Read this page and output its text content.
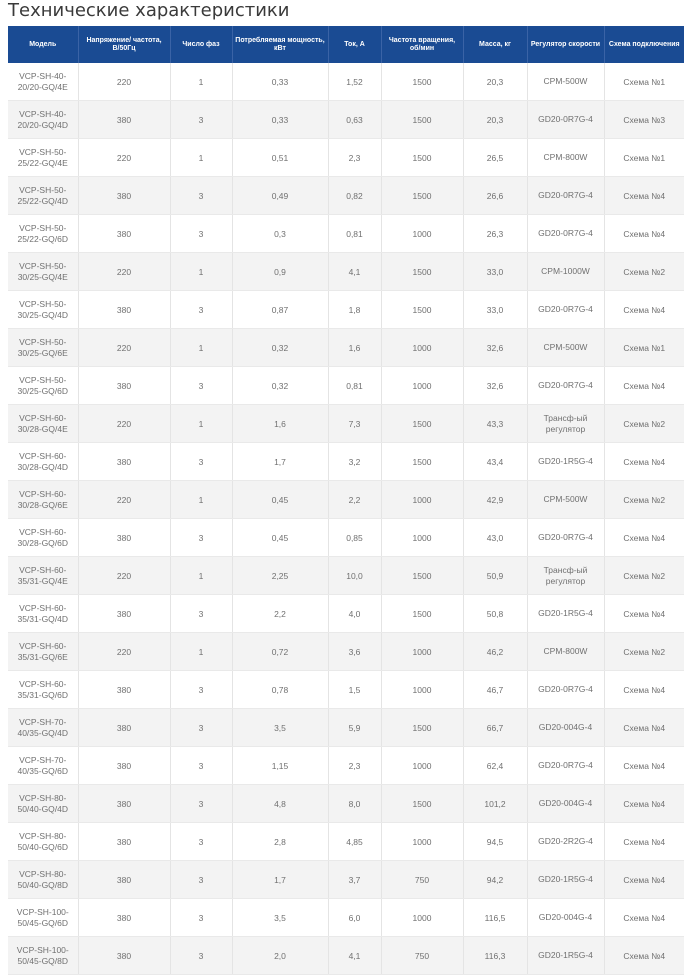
Технические характеристики
Модель	Напряжение/ частота, В/50Гц	Число фаз	Потребляемая мощность, кВт	Ток, А	Частота вращения, об/мин	Масса, кг	Регулятор скорости	Схема подключения
VCP-SH-40-20/20-GQ/4E	220	1	0,33	1,52	1500	20,3	CPM-500W	Схема №1
VCP-SH-40-20/20-GQ/4D	380	3	0,33	0,63	1500	20,3	GD20-0R7G-4	Схема №3
VCP-SH-50-25/22-GQ/4E	220	1	0,51	2,3	1500	26,5	CPM-800W	Схема №1
VCP-SH-50-25/22-GQ/4D	380	3	0,49	0,82	1500	26,6	GD20-0R7G-4	Схема №4
VCP-SH-50-25/22-GQ/6D	380	3	0,3	0,81	1000	26,3	GD20-0R7G-4	Схема №4
VCP-SH-50-30/25-GQ/4E	220	1	0,9	4,1	1500	33,0	CPM-1000W	Схема №2
VCP-SH-50-30/25-GQ/4D	380	3	0,87	1,8	1500	33,0	GD20-0R7G-4	Схема №4
VCP-SH-50-30/25-GQ/6E	220	1	0,32	1,6	1000	32,6	CPM-500W	Схема №1
VCP-SH-50-30/25-GQ/6D	380	3	0,32	0,81	1000	32,6	GD20-0R7G-4	Схема №4
VCP-SH-60-30/28-GQ/4E	220	1	1,6	7,3	1500	43,3	Трансф-ый регулятор	Схема №2
VCP-SH-60-30/28-GQ/4D	380	3	1,7	3,2	1500	43,4	GD20-1R5G-4	Схема №4
VCP-SH-60-30/28-GQ/6E	220	1	0,45	2,2	1000	42,9	CPM-500W	Схема №2
VCP-SH-60-30/28-GQ/6D	380	3	0,45	0,85	1000	43,0	GD20-0R7G-4	Схема №4
VCP-SH-60-35/31-GQ/4E	220	1	2,25	10,0	1500	50,9	Трансф-ый регулятор	Схема №2
VCP-SH-60-35/31-GQ/4D	380	3	2,2	4,0	1500	50,8	GD20-1R5G-4	Схема №4
VCP-SH-60-35/31-GQ/6E	220	1	0,72	3,6	1000	46,2	CPM-800W	Схема №2
VCP-SH-60-35/31-GQ/6D	380	3	0,78	1,5	1000	46,7	GD20-0R7G-4	Схема №4
VCP-SH-70-40/35-GQ/4D	380	3	3,5	5,9	1500	66,7	GD20-004G-4	Схема №4
VCP-SH-70-40/35-GQ/6D	380	3	1,15	2,3	1000	62,4	GD20-0R7G-4	Схема №4
VCP-SH-80-50/40-GQ/4D	380	3	4,8	8,0	1500	101,2	GD20-004G-4	Схема №4
VCP-SH-80-50/40-GQ/6D	380	3	2,8	4,85	1000	94,5	GD20-2R2G-4	Схема №4
VCP-SH-80-50/40-GQ/8D	380	3	1,7	3,7	750	94,2	GD20-1R5G-4	Схема №4
VCP-SH-100-50/45-GQ/6D	380	3	3,5	6,0	1000	116,5	GD20-004G-4	Схема №4
VCP-SH-100-50/45-GQ/8D	380	3	2,0	4,1	750	116,3	GD20-1R5G-4	Схема №4
